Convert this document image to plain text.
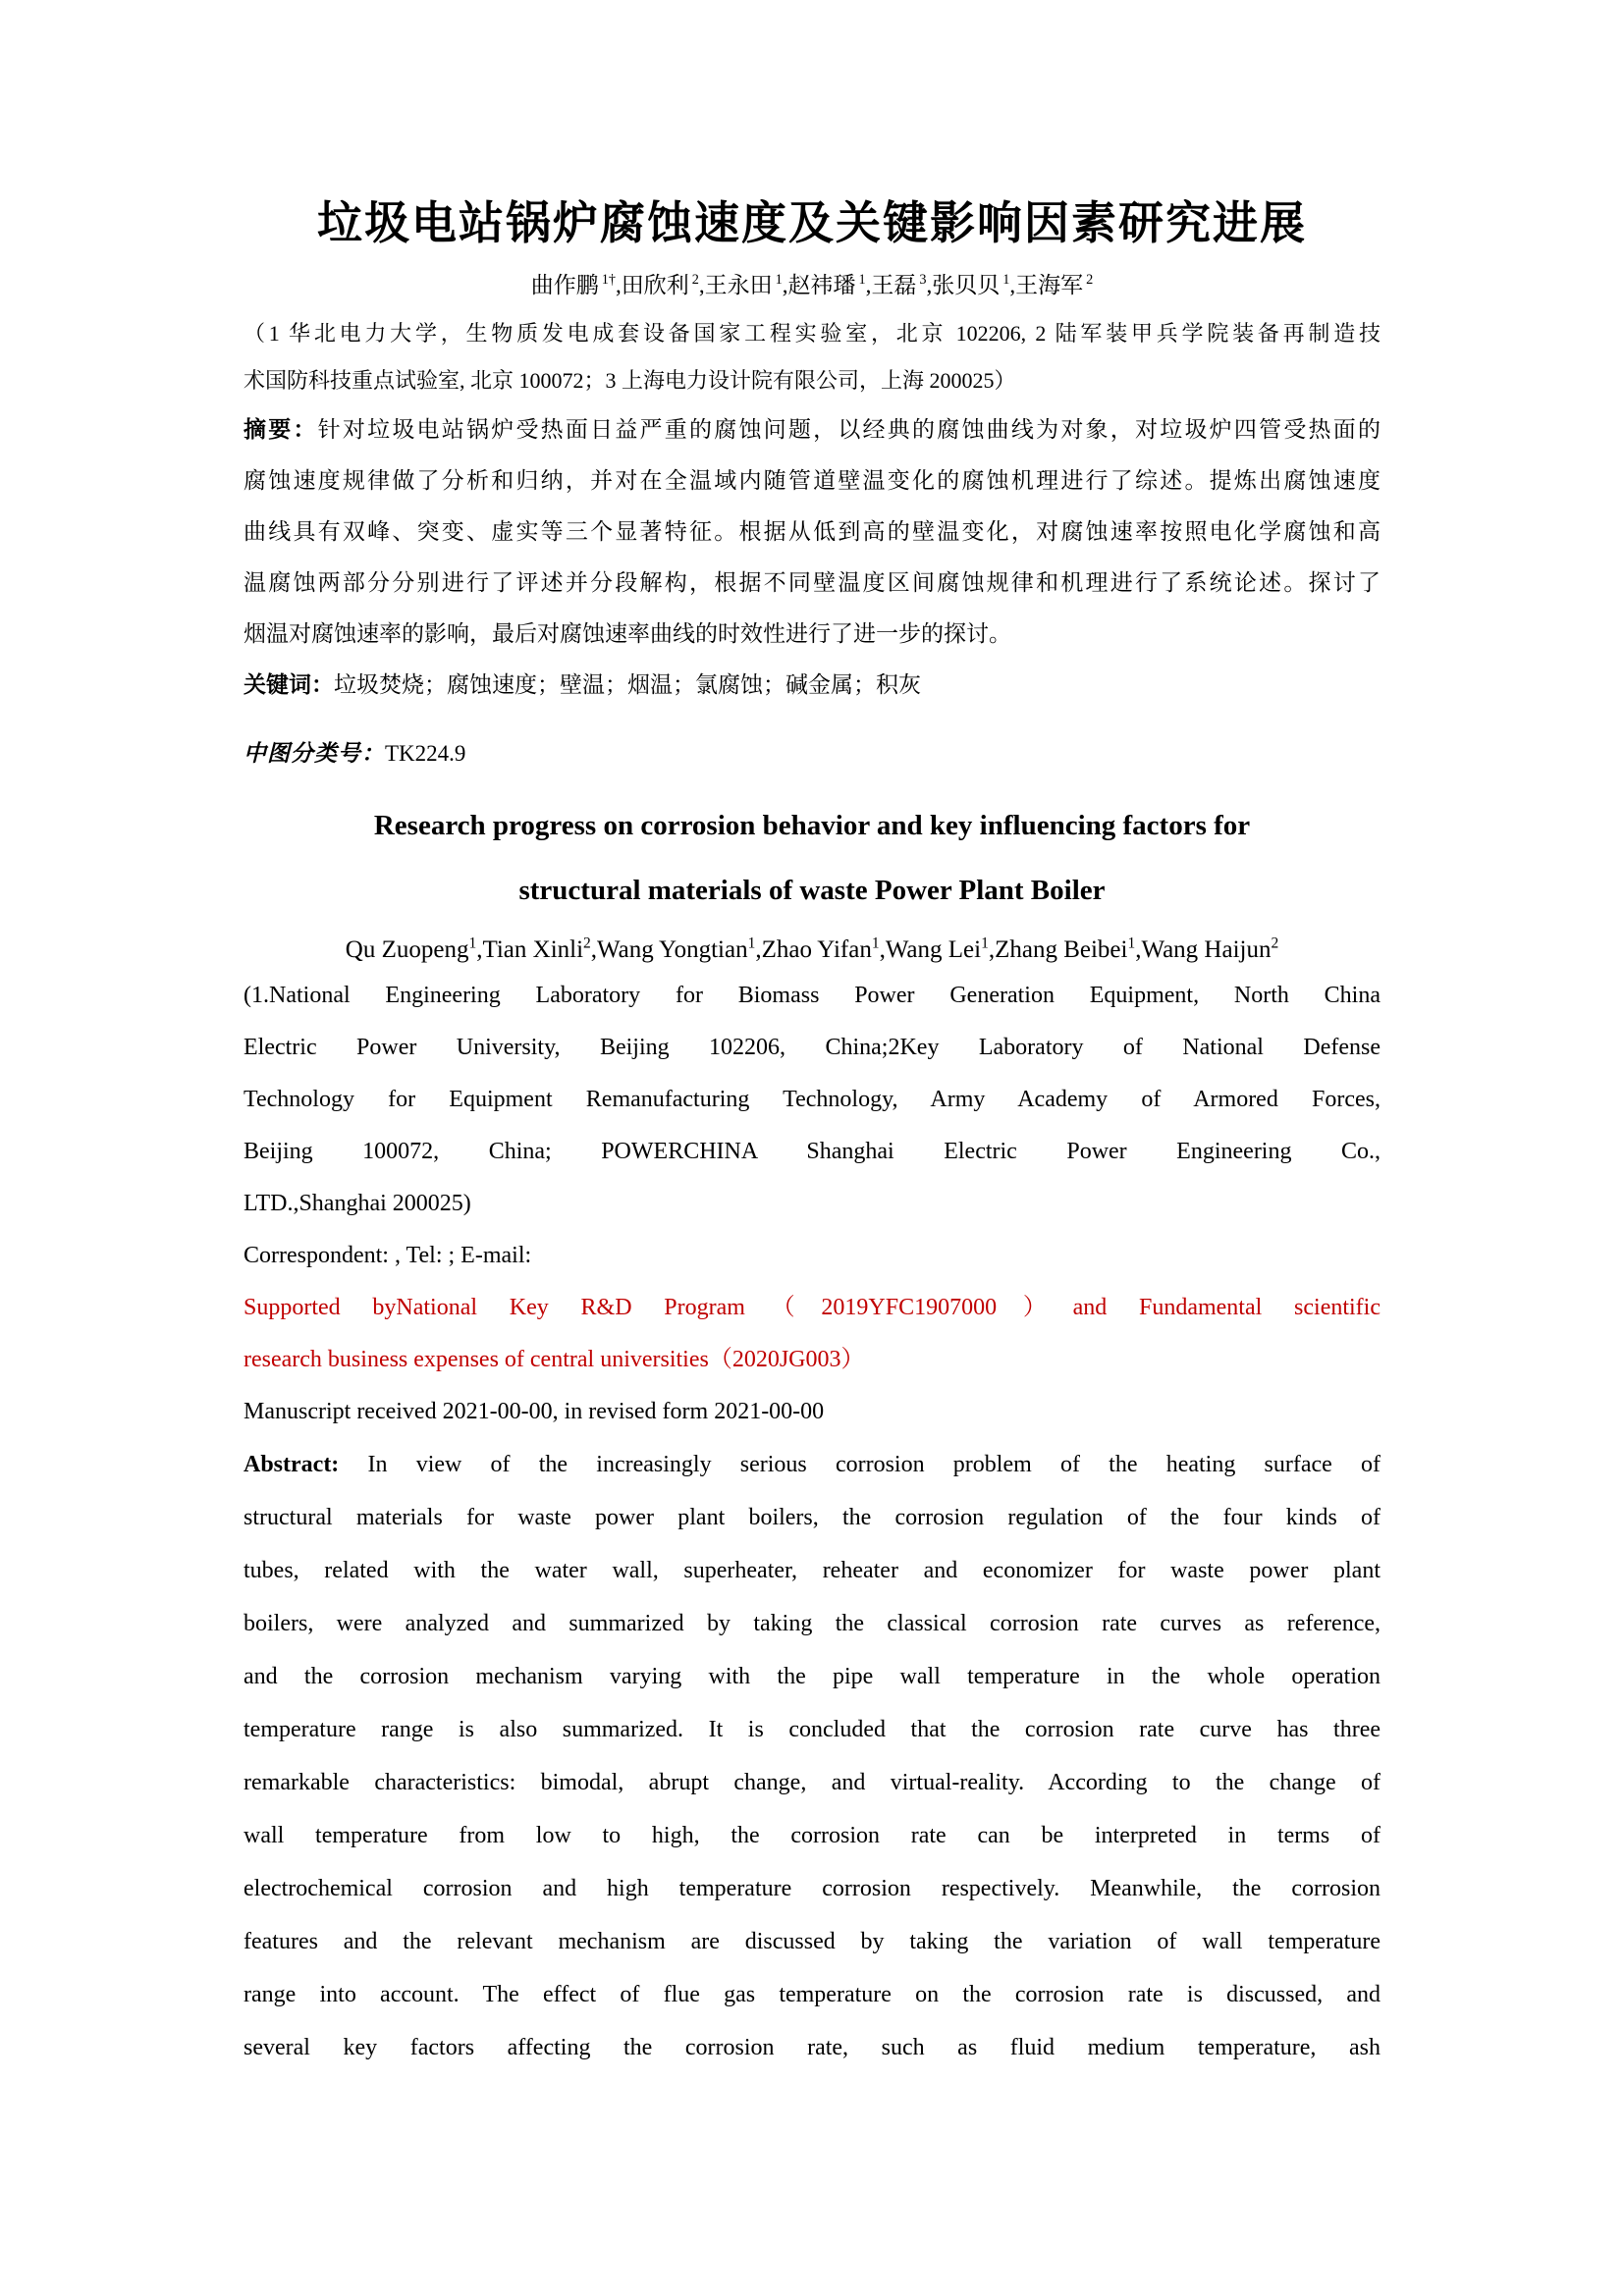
垃圾电站锅炉腐蚀速度及关键影响因素研究进展
曲作鹏 $^{1\dagger}$,田欣利 $^2$,王永田 $^1$,赵祎璠 $^1$,王磊 $^3$,张贝贝 $^1$,王海军 $^2$
（1 华北电力大学，生物质发电成套设备国家工程实验室，北京 102206, 2 陆军装甲兵学院装备再制造技
术国防科技重点试验室, 北京 100072；3 上海电力设计院有限公司，上海 200025）
摘要：针对垃圾电站锅炉受热面日益严重的腐蚀问题，以经典的腐蚀曲线为对象，对垃圾炉四管受热面的
腐蚀速度规律做了分析和归纳，并对在全温域内随管道壁温变化的腐蚀机理进行了综述。提炼出腐蚀速度
曲线具有双峰、突变、虚实等三个显著特征。根据从低到高的壁温变化，对腐蚀速率按照电化学腐蚀和高
温腐蚀两部分分别进行了评述并分段解构，根据不同壁温度区间腐蚀规律和机理进行了系统论述。探讨了
烟温对腐蚀速率的影响，最后对腐蚀速率曲线的时效性进行了进一步的探讨。
关键词：垃圾焚烧；腐蚀速度；壁温；烟温；氯腐蚀；碱金属；积灰
中图分类号：TK224.9
Research progress on corrosion behavior and key influencing factors for
structural materials of waste Power Plant Boiler
Qu Zuopeng$^1$,Tian Xinli$^2$,Wang Yongtian$^1$,Zhao Yifan$^1$,Wang Lei$^1$,Zhang Beibei$^1$,Wang Haijun$^2$
(1.National Engineering Laboratory for Biomass Power Generation Equipment, North China
Electric Power University, Beijing 102206, China;2Key Laboratory of National Defense
Technology for Equipment Remanufacturing Technology, Army Academy of Armored Forces,
Beijing 100072, China; POWERCHINA Shanghai Electric Power Engineering Co.,
LTD.,Shanghai 200025)
Correspondent: , Tel: ; E-mail:
Supported byNational Key R&D Program（2019YFC1907000）and Fundamental scientific
research business expenses of central universities（2020JG003）
Manuscript received 2021-00-00, in revised form 2021-00-00
Abstract: In view of the increasingly serious corrosion problem of the heating surface of
structural materials for waste power plant boilers, the corrosion regulation of the four kinds of
tubes, related with the water wall, superheater, reheater and economizer for waste power plant
boilers, were analyzed and summarized by taking the classical corrosion rate curves as reference,
and the corrosion mechanism varying with the pipe wall temperature in the whole operation
temperature range is also summarized. It is concluded that the corrosion rate curve has three
remarkable characteristics: bimodal, abrupt change, and virtual-reality. According to the change of
wall temperature from low to high, the corrosion rate can be interpreted in terms of
electrochemical corrosion and high temperature corrosion respectively. Meanwhile, the corrosion
features and the relevant mechanism are discussed by taking the variation of wall temperature
range into account. The effect of flue gas temperature on the corrosion rate is discussed, and
several key factors affecting the corrosion rate, such as fluid medium temperature, ash
